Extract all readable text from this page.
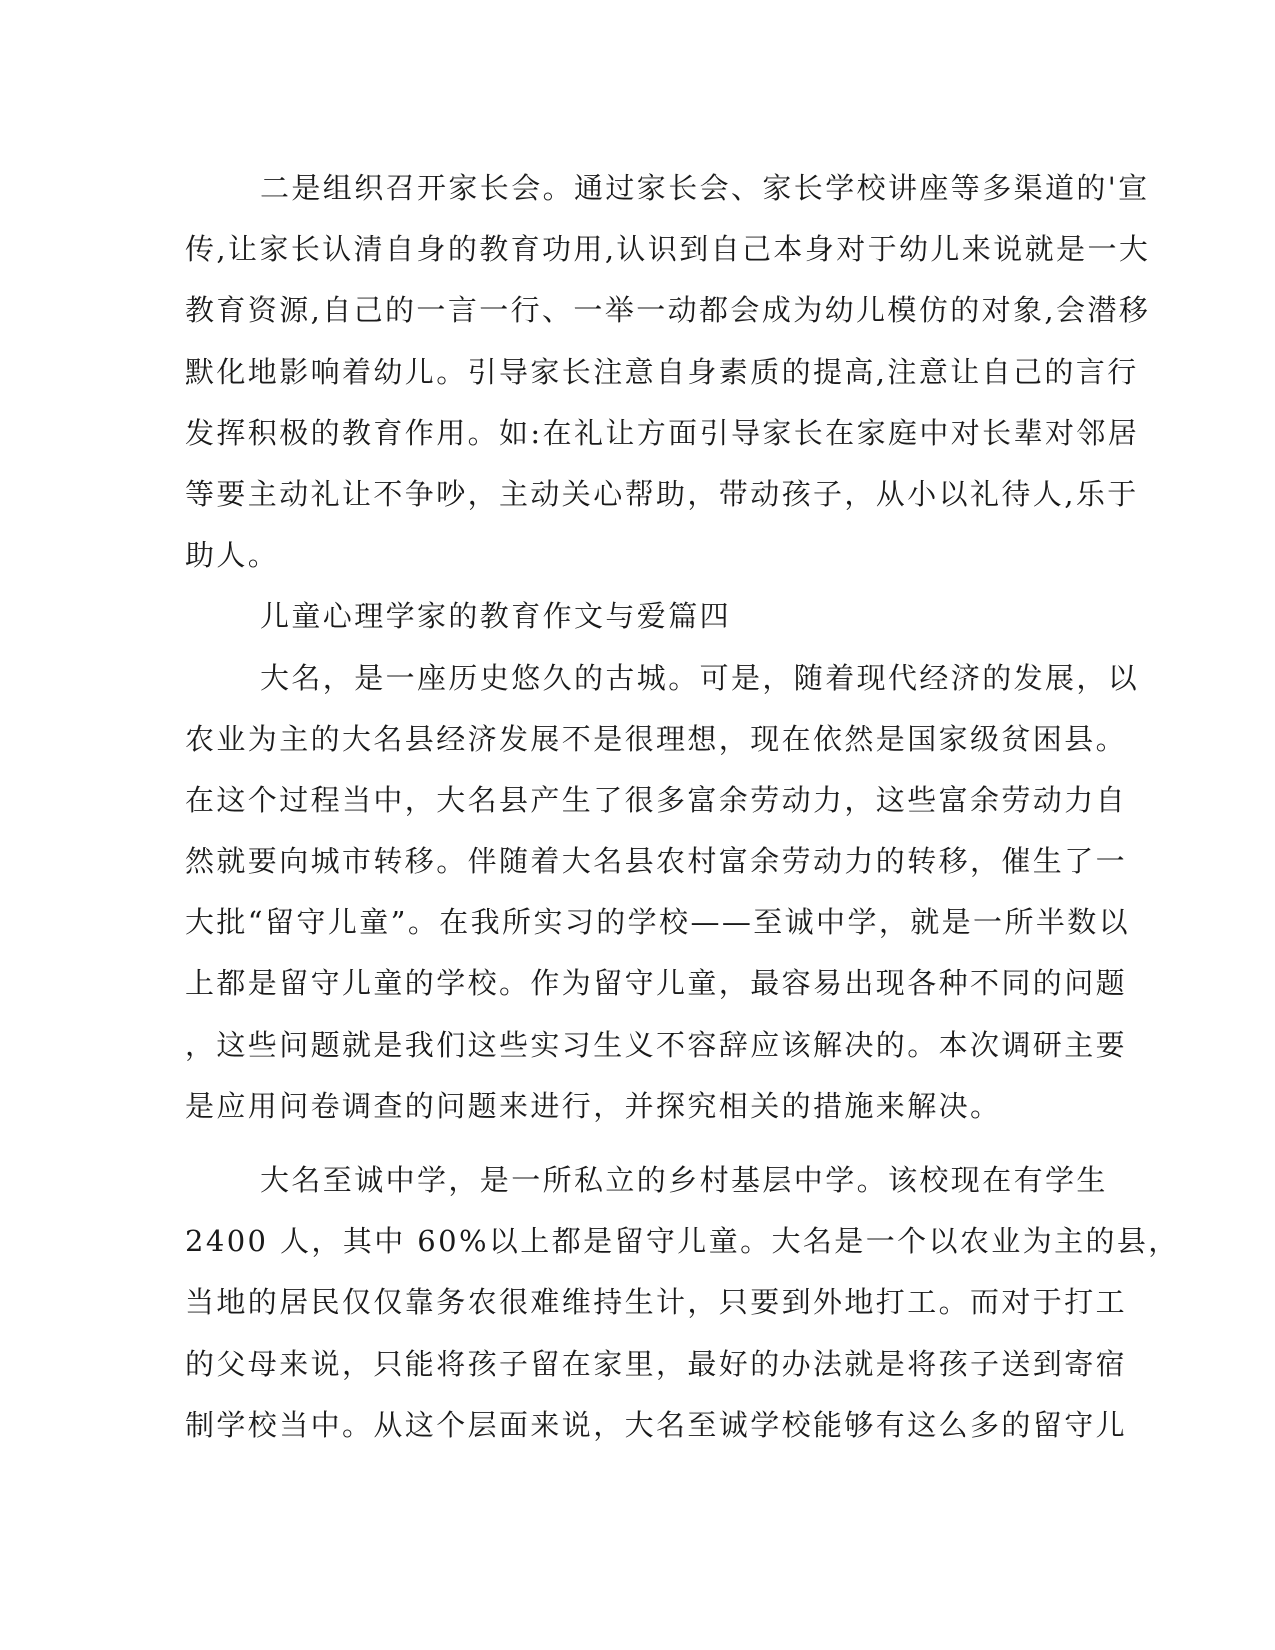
二是组织召开家长会。通过家长会、家长学校讲座等多渠道的'宣
传,让家长认清自身的教育功用,认识到自己本身对于幼儿来说就是一大
教育资源,自己的一言一行、一举一动都会成为幼儿模仿的对象,会潜移
默化地影响着幼儿。引导家长注意自身素质的提高,注意让自己的言行
发挥积极的教育作用。如:在礼让方面引导家长在家庭中对长辈对邻居
等要主动礼让不争吵，主动关心帮助，带动孩子，从小以礼待人,乐于
助人。
儿童心理学家的教育作文与爱篇四
大名，是一座历史悠久的古城。可是，随着现代经济的发展，以
农业为主的大名县经济发展不是很理想，现在依然是国家级贫困县。
在这个过程当中，大名县产生了很多富余劳动力，这些富余劳动力自
然就要向城市转移。伴随着大名县农村富余劳动力的转移，催生了一
大批“留守儿童”。在我所实习的学校——至诚中学，就是一所半数以
上都是留守儿童的学校。作为留守儿童，最容易出现各种不同的问题
，这些问题就是我们这些实习生义不容辞应该解决的。本次调研主要
是应用问卷调查的问题来进行，并探究相关的措施来解决。
大名至诚中学，是一所私立的乡村基层中学。该校现在有学生
2400 人，其中 60%以上都是留守儿童。大名是一个以农业为主的县，
当地的居民仅仅靠务农很难维持生计，只要到外地打工。而对于打工
的父母来说，只能将孩子留在家里，最好的办法就是将孩子送到寄宿
制学校当中。从这个层面来说，大名至诚学校能够有这么多的留守儿
